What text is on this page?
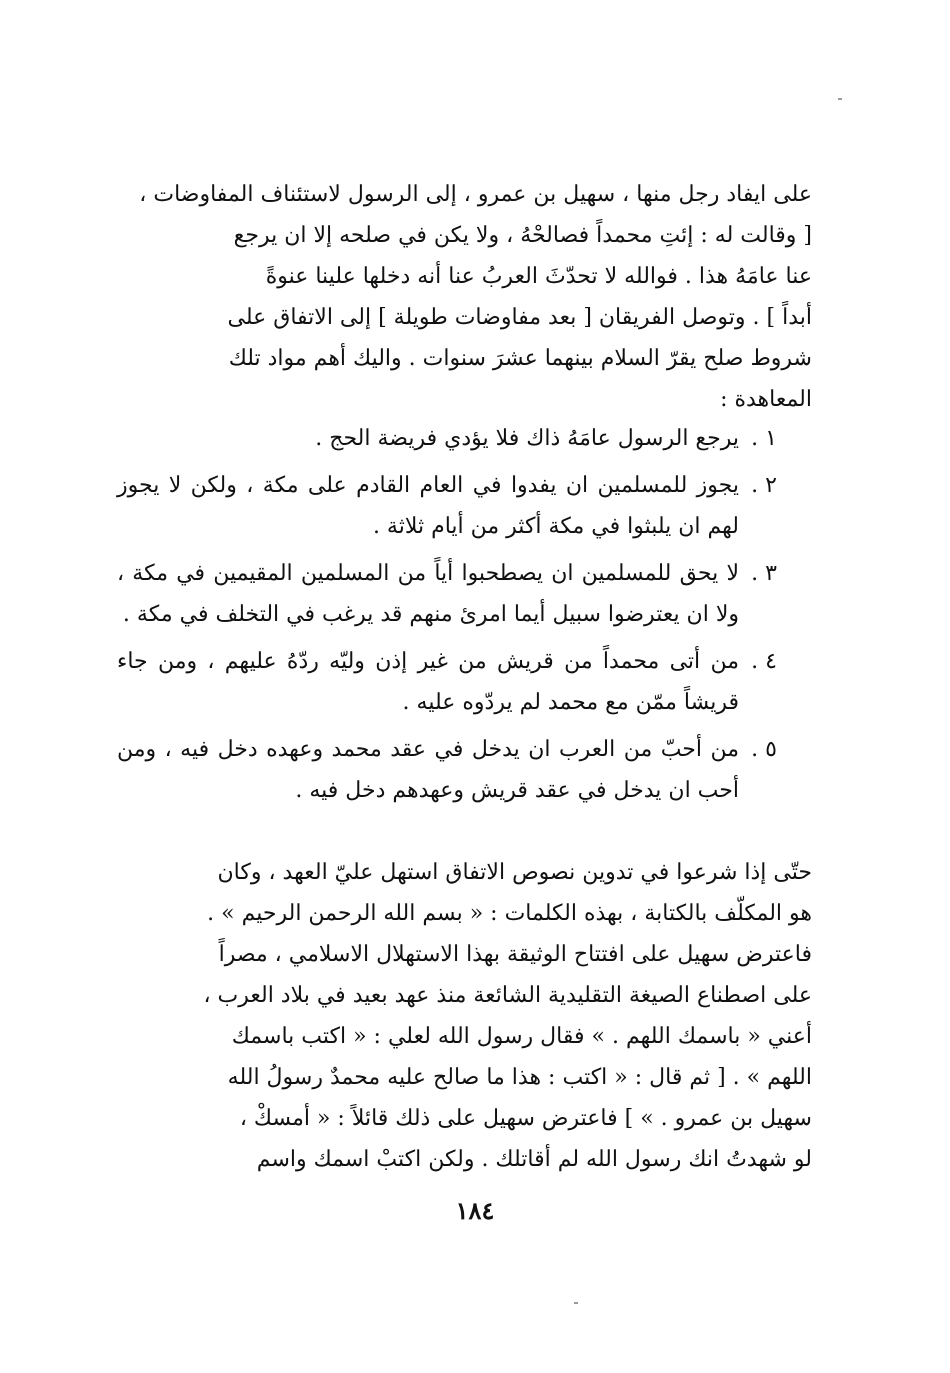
على ايفاد رجل منها ، سهيل بن عمرو ، إلى الرسول لاستئناف المفاوضات ،
[ وقالت له : إئتِ محمداً فصالحْهُ ، ولا يكن في صلحه إلا ان يرجع
عنا عامَهُ هذا . فوالله لا تحدّثَ العربُ عنا أنه دخلها علينا عنوةً
أبداً ] . وتوصل الفريقان [ بعد مفاوضات طويلة ] إلى الاتفاق على
شروط صلح يقرّ السلام بينهما عشرَ سنوات . واليك أهم مواد تلك
المعاهدة :
١ .
يرجع الرسول عامَهُ ذاك فلا يؤدي فريضة الحج .
٢ .
يجوز للمسلمين ان يفدوا في العام القادم على مكة ، ولكن لا يجوز لهم ان يلبثوا في مكة أكثر من أيام ثلاثة .
٣ .
لا يحق للمسلمين ان يصطحبوا أياً من المسلمين المقيمين في مكة ، ولا ان يعترضوا سبيل أيما امرئ منهم قد يرغب في التخلف في مكة .
٤ .
من أتى محمداً من قريش من غير إذن وليّه ردّهُ عليهم ، ومن جاء قريشاً ممّن مع محمد لم يردّوه عليه .
٥ .
من أحبّ من العرب ان يدخل في عقد محمد وعهده دخل فيه ، ومن أحب ان يدخل في عقد قريش وعهدهم دخل فيه .
حتّى إذا شرعوا في تدوين نصوص الاتفاق استهل عليّ العهد ، وكان
هو المكلّف بالكتابة ، بهذه الكلمات : « بسم الله الرحمن الرحيم » .
فاعترض سهيل على افتتاح الوثيقة بهذا الاستهلال الاسلامي ، مصراً
على اصطناع الصيغة التقليدية الشائعة منذ عهد بعيد في بلاد العرب ،
أعني « باسمك اللهم . » فقال رسول الله لعلي : « اكتب باسمك
اللهم » . [ ثم قال : « اكتب : هذا ما صالح عليه محمدٌ رسولُ الله
سهيل بن عمرو . » ] فاعترض سهيل على ذلك قائلاً : « أمسكْ ،
لو شهدتُ انك رسول الله لم أقاتلك . ولكن اكتبْ اسمك واسم
١٨٤
